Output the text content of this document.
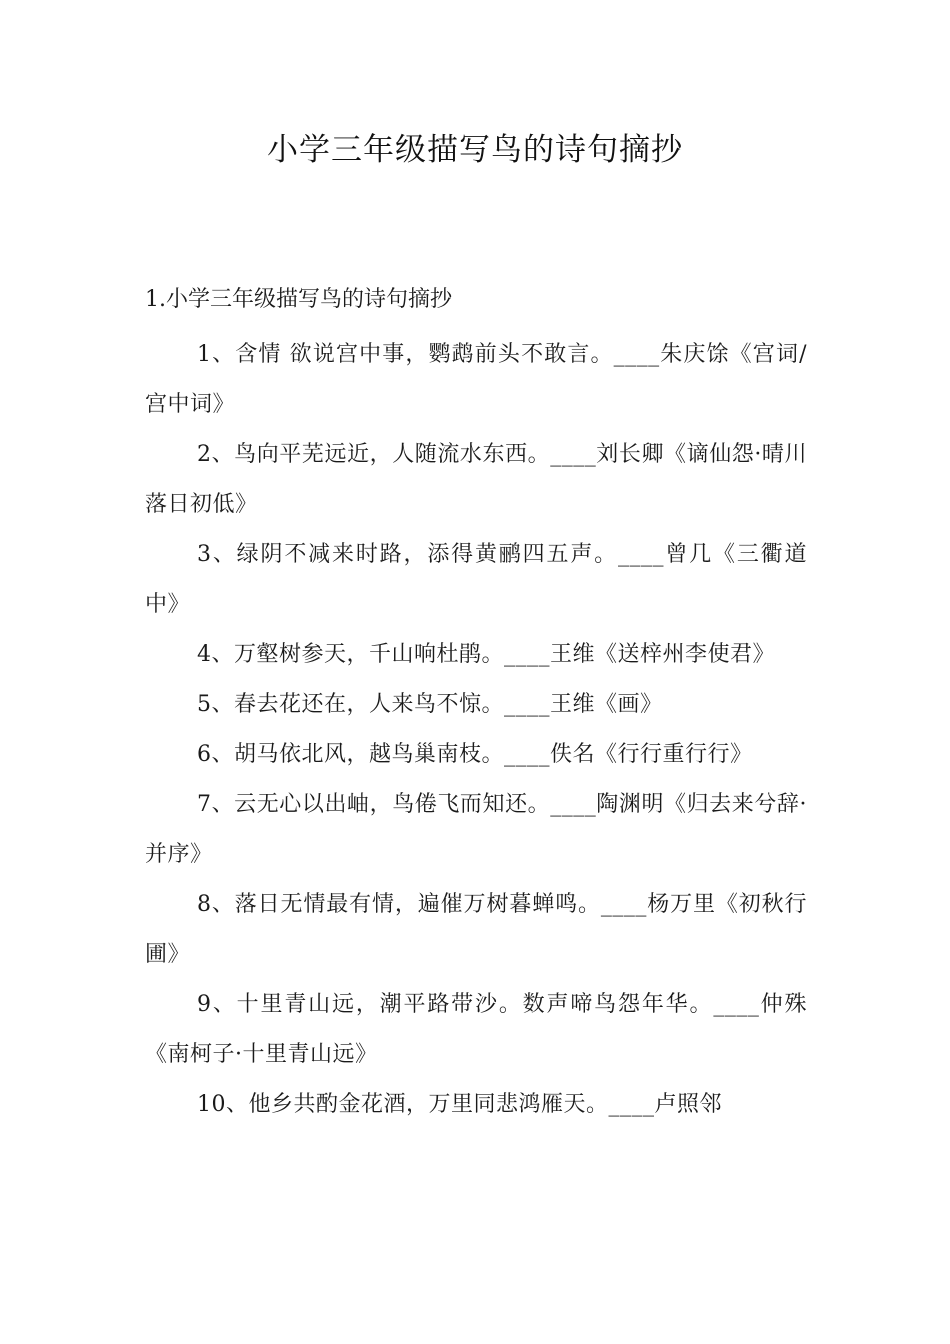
小学三年级描写鸟的诗句摘抄

1.小学三年级描写鸟的诗句摘抄

1、含情 欲说宫中事，鹦鹉前头不敢言。____朱庆馀《宫词/宫中词》

2、鸟向平芜远近，人随流水东西。____刘长卿《谪仙怨·晴川落日初低》

3、绿阴不减来时路，添得黄鹂四五声。____曾几《三衢道中》

4、万壑树参天，千山响杜鹃。____王维《送梓州李使君》

5、春去花还在，人来鸟不惊。____王维《画》

6、胡马依北风，越鸟巢南枝。____佚名《行行重行行》

7、云无心以出岫，鸟倦飞而知还。____陶渊明《归去来兮辞·并序》

8、落日无情最有情，遍催万树暮蝉鸣。____杨万里《初秋行圃》

9、十里青山远，潮平路带沙。数声啼鸟怨年华。____仲殊《南柯子·十里青山远》

10、他乡共酌金花酒，万里同悲鸿雁天。____卢照邻
